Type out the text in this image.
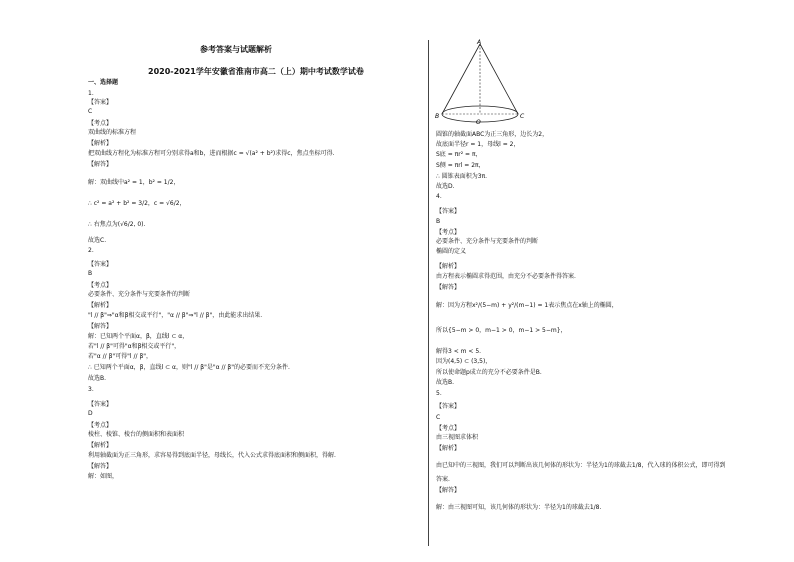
参考答案与试题解析
2020-2021学年安徽省淮南市高二（上）期中考试数学试卷
一、选择题
1.
【答案】
C
【考点】
双曲线的标准方程
【解析】
把双曲线方程化为标准方程可分别求得a和b，进而根据c = √(a² + b²)求得c，焦点坐标可得.
【解答】
解：双曲线中a² = 1，b² = 1/2，
∴ c² = a² + b² = 3/2，c = √6/2，
∴ 右焦点为(√6/2, 0).
故选C.
2.
【答案】
B
【考点】
必要条件、充分条件与充要条件的判断
【解析】
"l // β"⇒"α和β相交或平行"，"α // β"⇒"l // β"，由此能求出结果.
【解答】
解：已知两个平面α，β，直线l ⊂ α，
若"l // β"可得"α和β相交或平行"，
若"α // β"可得"l // β"，
∴ 已知两个平面α，β，直线l ⊂ α，则"l // β"是"α // β"的必要而不充分条件.
故选B.
3.
【答案】
D
【考点】
棱柱、棱锥、棱台的侧面积和表面积
【解析】
利用轴截面为正三角形，求容易得到底面半径，母线长，代入公式求得底面积和侧面积，得解.
【解答】
解：如图，
圆锥的轴截面ABC为正三角形，边长为2，
故底面半径r = 1，母线l = 2，
S底 = πr² = π，
S侧 = πrl = 2π，
∴ 圆锥表面积为3π.
故选D.
4.
【答案】
B
【考点】
必要条件、充分条件与充要条件的判断
椭圆的定义
【解析】
由方程表示椭圆求得范围，由充分不必要条件得答案.
【解答】
解：因为方程x²/(5−m) + y²/(m−1) = 1表示焦点在x轴上的椭圆，
所以{5−m > 0，m−1 > 0，m−1 > 5−m}，
解得3 < m < 5.
因为(4,5) ⊂ (3,5)，
所以使命题p成立的充分不必要条件是B.
故选B.
5.
【答案】
C
【考点】
由三视图求体积
【解析】
由已知中的三视图，我们可以判断出该几何体的形状为：半径为1的球截去1/8，代入球的体积公式，即可得到
答案.
【解答】
解：由三视图可知，该几何体的形状为：半径为1的球截去1/8.
A
B
O
C
